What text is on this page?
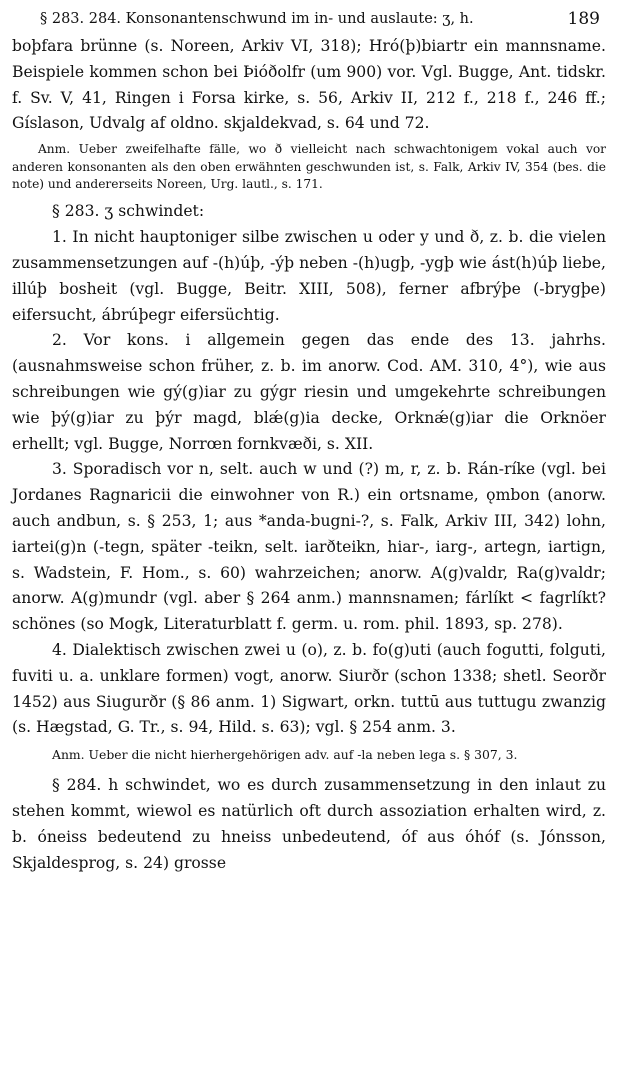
§ 283. 284. Konsonantenschwund im in- und auslaute: ʒ, h.	189

boþfara brünne (s. Noreen, Arkiv VI, 318); Hró(þ)biartr ein mannsname. Beispiele kommen schon bei Þióðolfr (um 900) vor. Vgl. Bugge, Ant. tidskr. f. Sv. V, 41, Ringen i Forsa kirke, s. 56, Arkiv II, 212 f., 218 f., 246 ff.; Gíslason, Udvalg af oldno. skjaldekvad, s. 64 und 72.

Anm. Ueber zweifelhafte fälle, wo ð vielleicht nach schwachtonigem vokal auch vor anderen konsonanten als den oben erwähnten geschwunden ist, s. Falk, Arkiv IV, 354 (bes. die note) und andererseits Noreen, Urg. lautl., s. 171.

§ 283. ʒ schwindet:

1. In nicht hauptoniger silbe zwischen u oder y und ð, z. b. die vielen zusammensetzungen auf -(h)úþ, -ýþ neben -(h)ugþ, -ygþ wie ást(h)úþ liebe, illúþ bosheit (vgl. Bugge, Beitr. XIII, 508), ferner afbrýþe (-brygþe) eifersucht, ábrúþegr eifersüchtig.

2. Vor kons. i allgemein gegen das ende des 13. jahrhs. (ausnahmsweise schon früher, z. b. im anorw. Cod. AM. 310, 4°), wie aus schreibungen wie gý(g)iar zu gýgr riesin und umgekehrte schreibungen wie þý(g)iar zu þýr magd, blǽ(g)ia decke, Orknǽ(g)iar die Orknöer erhellt; vgl. Bugge, Norrœn fornkvæði, s. XII.

3. Sporadisch vor n, selt. auch w und (?) m, r, z. b. Rán-ríke (vgl. bei Jordanes Ragnaricii die einwohner von R.) ein ortsname, ǫmbon (anorw. auch andbun, s. § 253, 1; aus *anda-bugni-?, s. Falk, Arkiv III, 342) lohn, iartei(g)n (-tegn, später -teikn, selt. iarðteikn, hiar-, iarg-, artegn, iartign, s. Wadstein, F. Hom., s. 60) wahrzeichen; anorw. A(g)valdr, Ra(g)valdr; anorw. A(g)mundr (vgl. aber § 264 anm.) mannsnamen; fárlíkt < fagrlíkt? schönes (so Mogk, Literaturblatt f. germ. u. rom. phil. 1893, sp. 278).

4. Dialektisch zwischen zwei u (o), z. b. fo(g)uti (auch fogutti, folguti, fuviti u. a. unklare formen) vogt, anorw. Siurðr (schon 1338; shetl. Seorðr 1452) aus Siugurðr (§ 86 anm. 1) Sigwart, orkn. tuttū aus tuttugu zwanzig (s. Hægstad, G. Tr., s. 94, Hild. s. 63); vgl. § 254 anm. 3.

Anm. Ueber die nicht hierhergehörigen adv. auf -la neben lega s. § 307, 3.

§ 284. h schwindet, wo es durch zusammensetzung in den inlaut zu stehen kommt, wiewol es natürlich oft durch assoziation erhalten wird, z. b. óneiss bedeutend zu hneiss unbedeutend, óf aus óhóf (s. Jónsson, Skjaldesprog, s. 24) grosse
